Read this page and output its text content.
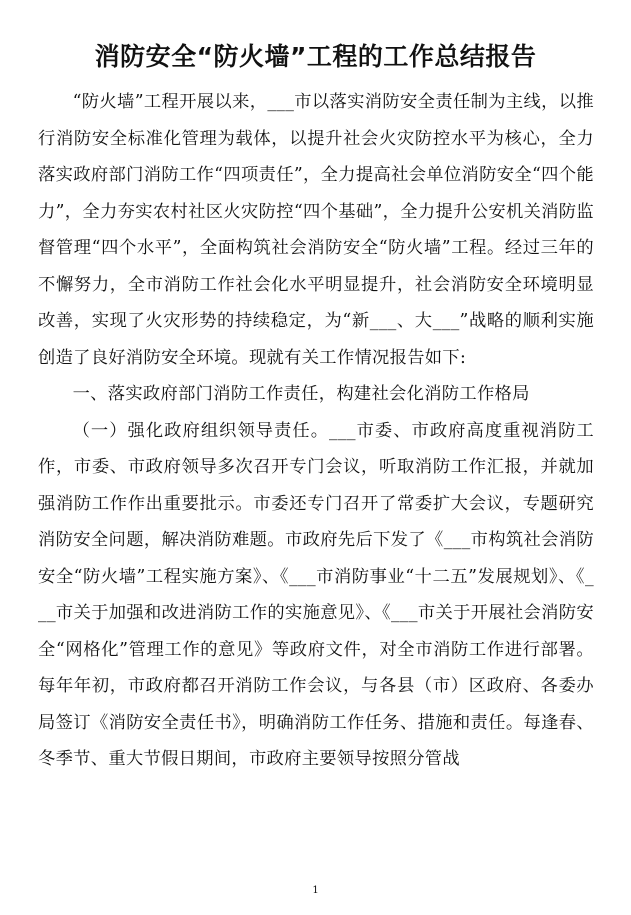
消防安全“防火墙”工程的工作总结报告

“防火墙”工程开展以来，___市以落实消防安全责任制为主线，以推行消防安全标准化管理为载体，以提升社会火灾防控水平为核心，全力落实政府部门消防工作“四项责任”，全力提高社会单位消防安全“四个能力”，全力夯实农村社区火灾防控“四个基础”，全力提升公安机关消防监督管理“四个水平”，全面构筑社会消防安全“防火墙”工程。经过三年的不懈努力，全市消防工作社会化水平明显提升，社会消防安全环境明显改善，实现了火灾形势的持续稳定，为“新___、大___”战略的顺利实施创造了良好消防安全环境。现就有关工作情况报告如下:

一、落实政府部门消防工作责任，构建社会化消防工作格局

（一）强化政府组织领导责任。___市委、市政府高度重视消防工作，市委、市政府领导多次召开专门会议，听取消防工作汇报，并就加强消防工作作出重要批示。市委还专门召开了常委扩大会议，专题研究消防安全问题，解决消防难题。市政府先后下发了《___市构筑社会消防安全“防火墙”工程实施方案》、《___市消防事业“十二五”发展规划》、《___市关于加强和改进消防工作的实施意见》、《___市关于开展社会消防安全“网格化”管理工作的意见》等政府文件，对全市消防工作进行部署。每年年初，市政府都召开消防工作会议，与各县（市）区政府、各委办局签订《消防安全责任书》，明确消防工作任务、措施和责任。每逢春、冬季节、重大节假日期间，市政府主要领导按照分管战

1
